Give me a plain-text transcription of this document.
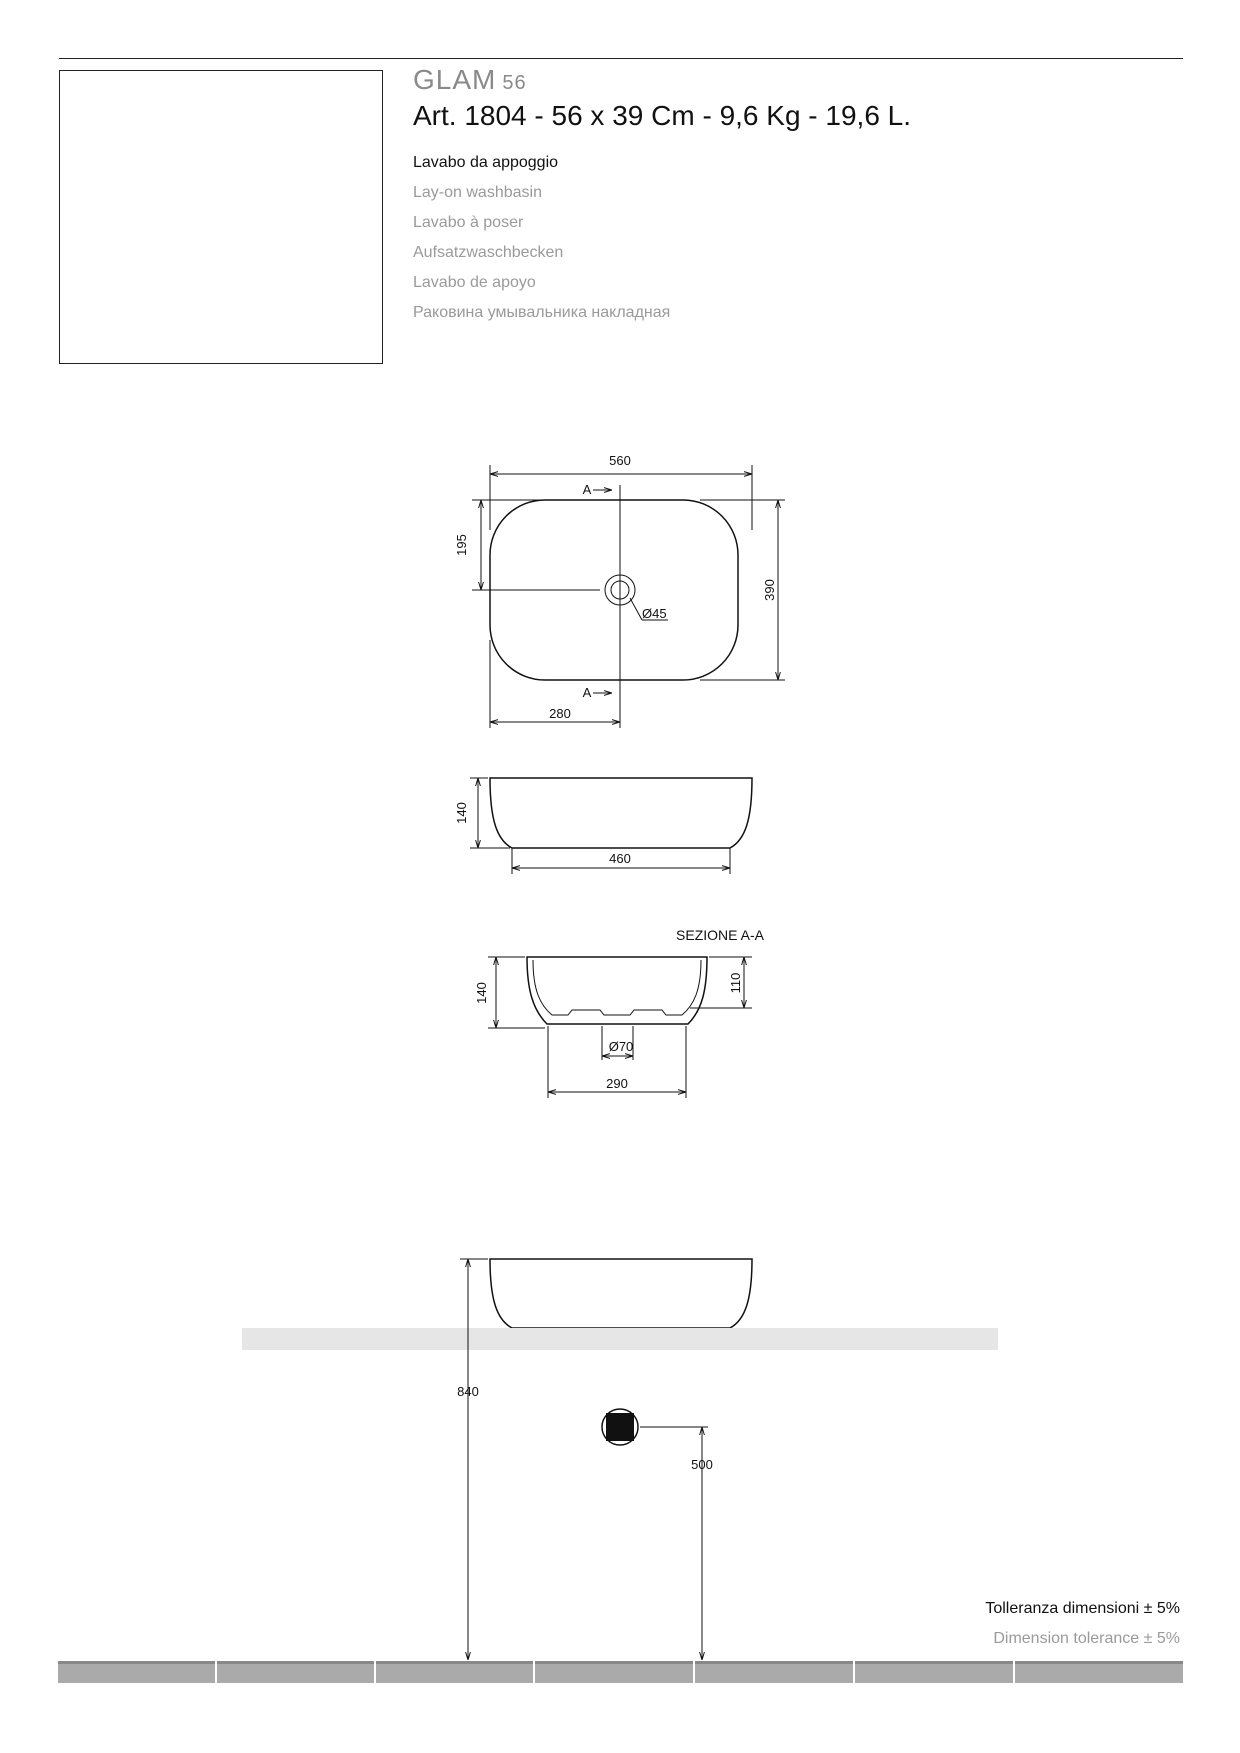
GLAM 56
Art. 1804 - 56 x 39 Cm - 9,6 Kg - 19,6 L.
Lavabo da appoggio
Lay-on washbasin
Lavabo à poser
Aufsatzwaschbecken
Lavabo de apoyo
Раковина умывальника накладная
560
A
A
195
390
Ø45
280
140
460
SEZIONE A-A
140	110
Ø70
290
840
500
Tolleranza dimensioni ± 5%
Dimension tolerance ± 5%
